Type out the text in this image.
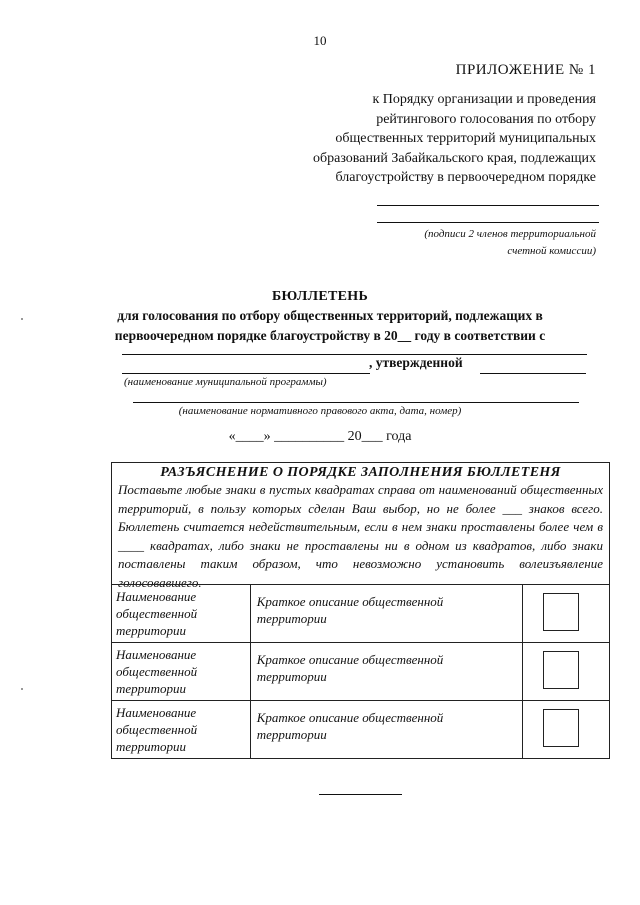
10
ПРИЛОЖЕНИЕ № 1
к Порядку организации и проведения
рейтингового голосования по отбору
общественных территорий муниципальных
образований Забайкальского края, подлежащих
благоустройству в первоочередном порядке
(подписи 2 членов территориальной
счетной комиссии)
БЮЛЛЕТЕНЬ
для голосования по отбору общественных территорий, подлежащих в
первоочередном порядке благоустройству в 20__ году в соответствии с
, утвержденной
(наименование муниципальной программы)
(наименование нормативного правового акта, дата, номер)
«____» __________ 20___ года
РАЗЪЯСНЕНИЕ О ПОРЯДКЕ ЗАПОЛНЕНИЯ БЮЛЛЕТЕНЯ
Поставьте любые знаки в пустых квадратах справа от наименований общественных территорий, в пользу которых сделан Ваш выбор, но не более ___ знаков всего. Бюллетень считается недействительным, если в нем знаки проставлены более чем в ____ квадратах, либо знаки не проставлены ни в одном из квадратов, либо знаки поставлены таким образом, что невозможно установить волеизъявление голосовавшего.
Наименование общественной территории	Краткое описание общественной территории	

Наименование общественной территории	Краткое описание общественной территории	

Наименование общественной территории	Краткое описание общественной территории	
